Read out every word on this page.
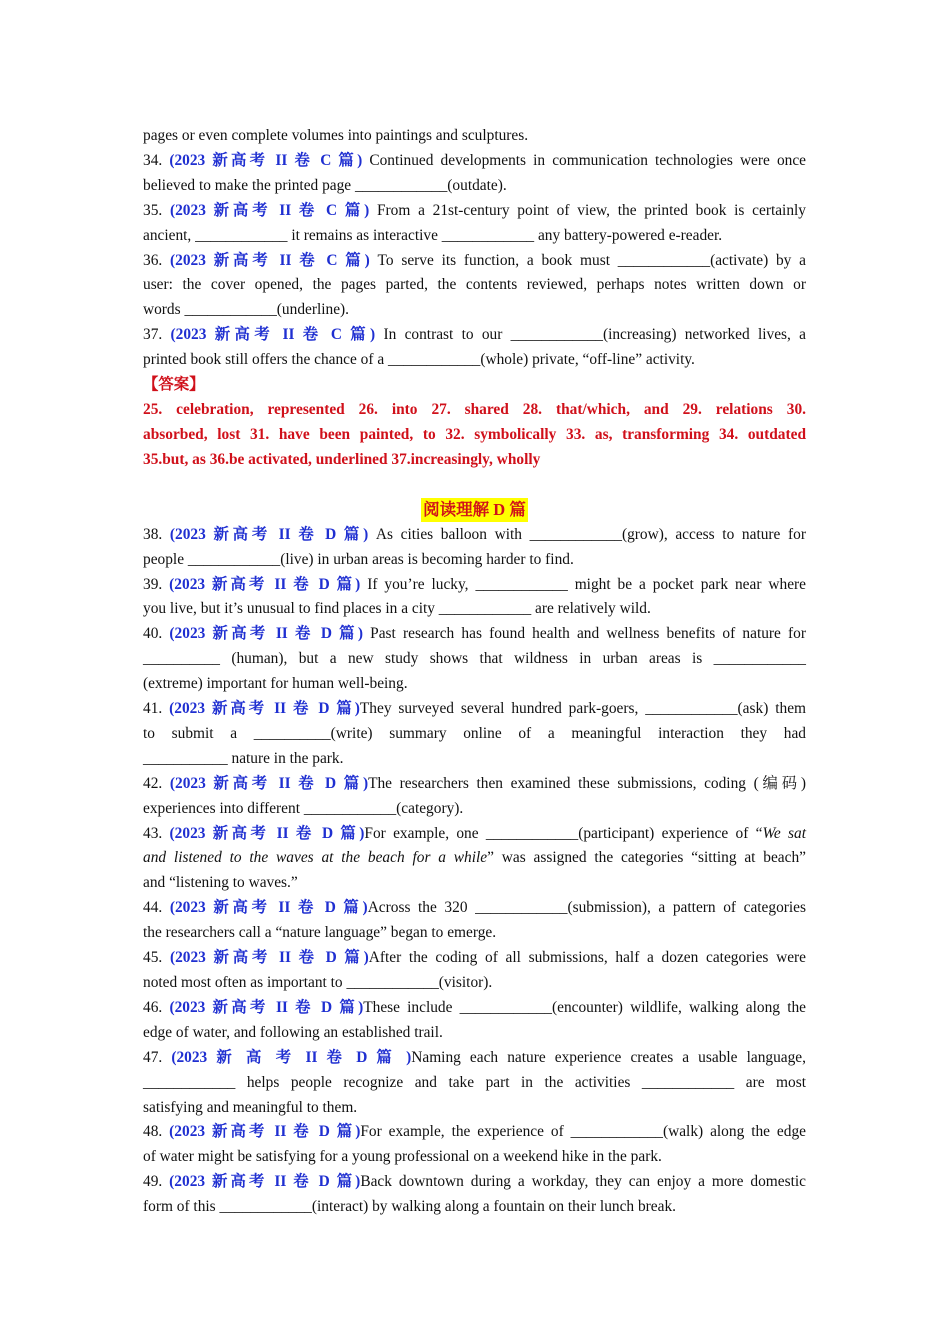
pages or even complete volumes into paintings and sculptures.
34. (2023 新高考 II 卷 C 篇) Continued developments in communication technologies were once
believed to make the printed page ____________(outdate).
35. (2023 新高考 II 卷 C 篇) From a 21st-century point of view, the printed book is certainly
ancient, ____________ it remains as interactive ____________ any battery-powered e-reader.
36. (2023 新高考 II 卷 C 篇) To serve its function, a book must ____________(activate) by a
user: the cover opened, the pages parted, the contents reviewed, perhaps notes written down or
words ____________(underline).
37. (2023 新高考 II 卷 C 篇) In contrast to our ____________(increasing) networked lives, a
printed book still offers the chance of a ____________(whole) private, “off-line” activity.
【答案】
25. celebration, represented 26. into 27. shared 28. that/which, and 29. relations 30.
absorbed, lost 31. have been painted, to 32. symbolically 33. as, transforming 34. outdated
35.but, as 36.be activated, underlined 37.increasingly, wholly
阅读理解 D 篇
38. (2023 新高考 II 卷 D 篇) As cities balloon with ____________(grow), access to nature for
people ____________(live) in urban areas is becoming harder to find.
39. (2023 新高考 II 卷 D 篇) If you’re lucky, ____________ might be a pocket park near where
you live, but it’s unusual to find places in a city ____________ are relatively wild.
40. (2023 新高考 II 卷 D 篇) Past research has found health and wellness benefits of nature for
__________ (human), but a new study shows that wildness in urban areas is ____________
(extreme) important for human well-being.
41. (2023 新高考 II 卷 D 篇)They surveyed several hundred park-goers, ____________(ask) them
to submit a __________(write) summary online of a meaningful interaction they had
___________ nature in the park.
42. (2023 新高考 II 卷 D 篇)The researchers then examined these submissions, coding (编码)
experiences into different ____________(category).
43. (2023 新高考 II 卷 D 篇)For example, one ____________(participant) experience of “We sat
and listened to the waves at the beach for a while” was assigned the categories “sitting at beach”
and “listening to waves.”
44. (2023 新高考 II 卷 D 篇)Across the 320 ____________(submission), a pattern of categories
the researchers call a “nature language” began to emerge.
45. (2023 新高考 II 卷 D 篇)After the coding of all submissions, half a dozen categories were
noted most often as important to ____________(visitor).
46. (2023 新高考 II 卷 D 篇)These include ____________(encounter) wildlife, walking along the
edge of water, and following an established trail.
47. (2023 新 高 考 II 卷 D 篇 )Naming each nature experience creates a usable language,
____________ helps people recognize and take part in the activities ____________ are most
satisfying and meaningful to them.
48. (2023 新高考 II 卷 D 篇)For example, the experience of ____________(walk) along the edge
of water might be satisfying for a young professional on a weekend hike in the park.
49. (2023 新高考 II 卷 D 篇)Back downtown during a workday, they can enjoy a more domestic
form of this ____________(interact) by walking along a fountain on their lunch break.
